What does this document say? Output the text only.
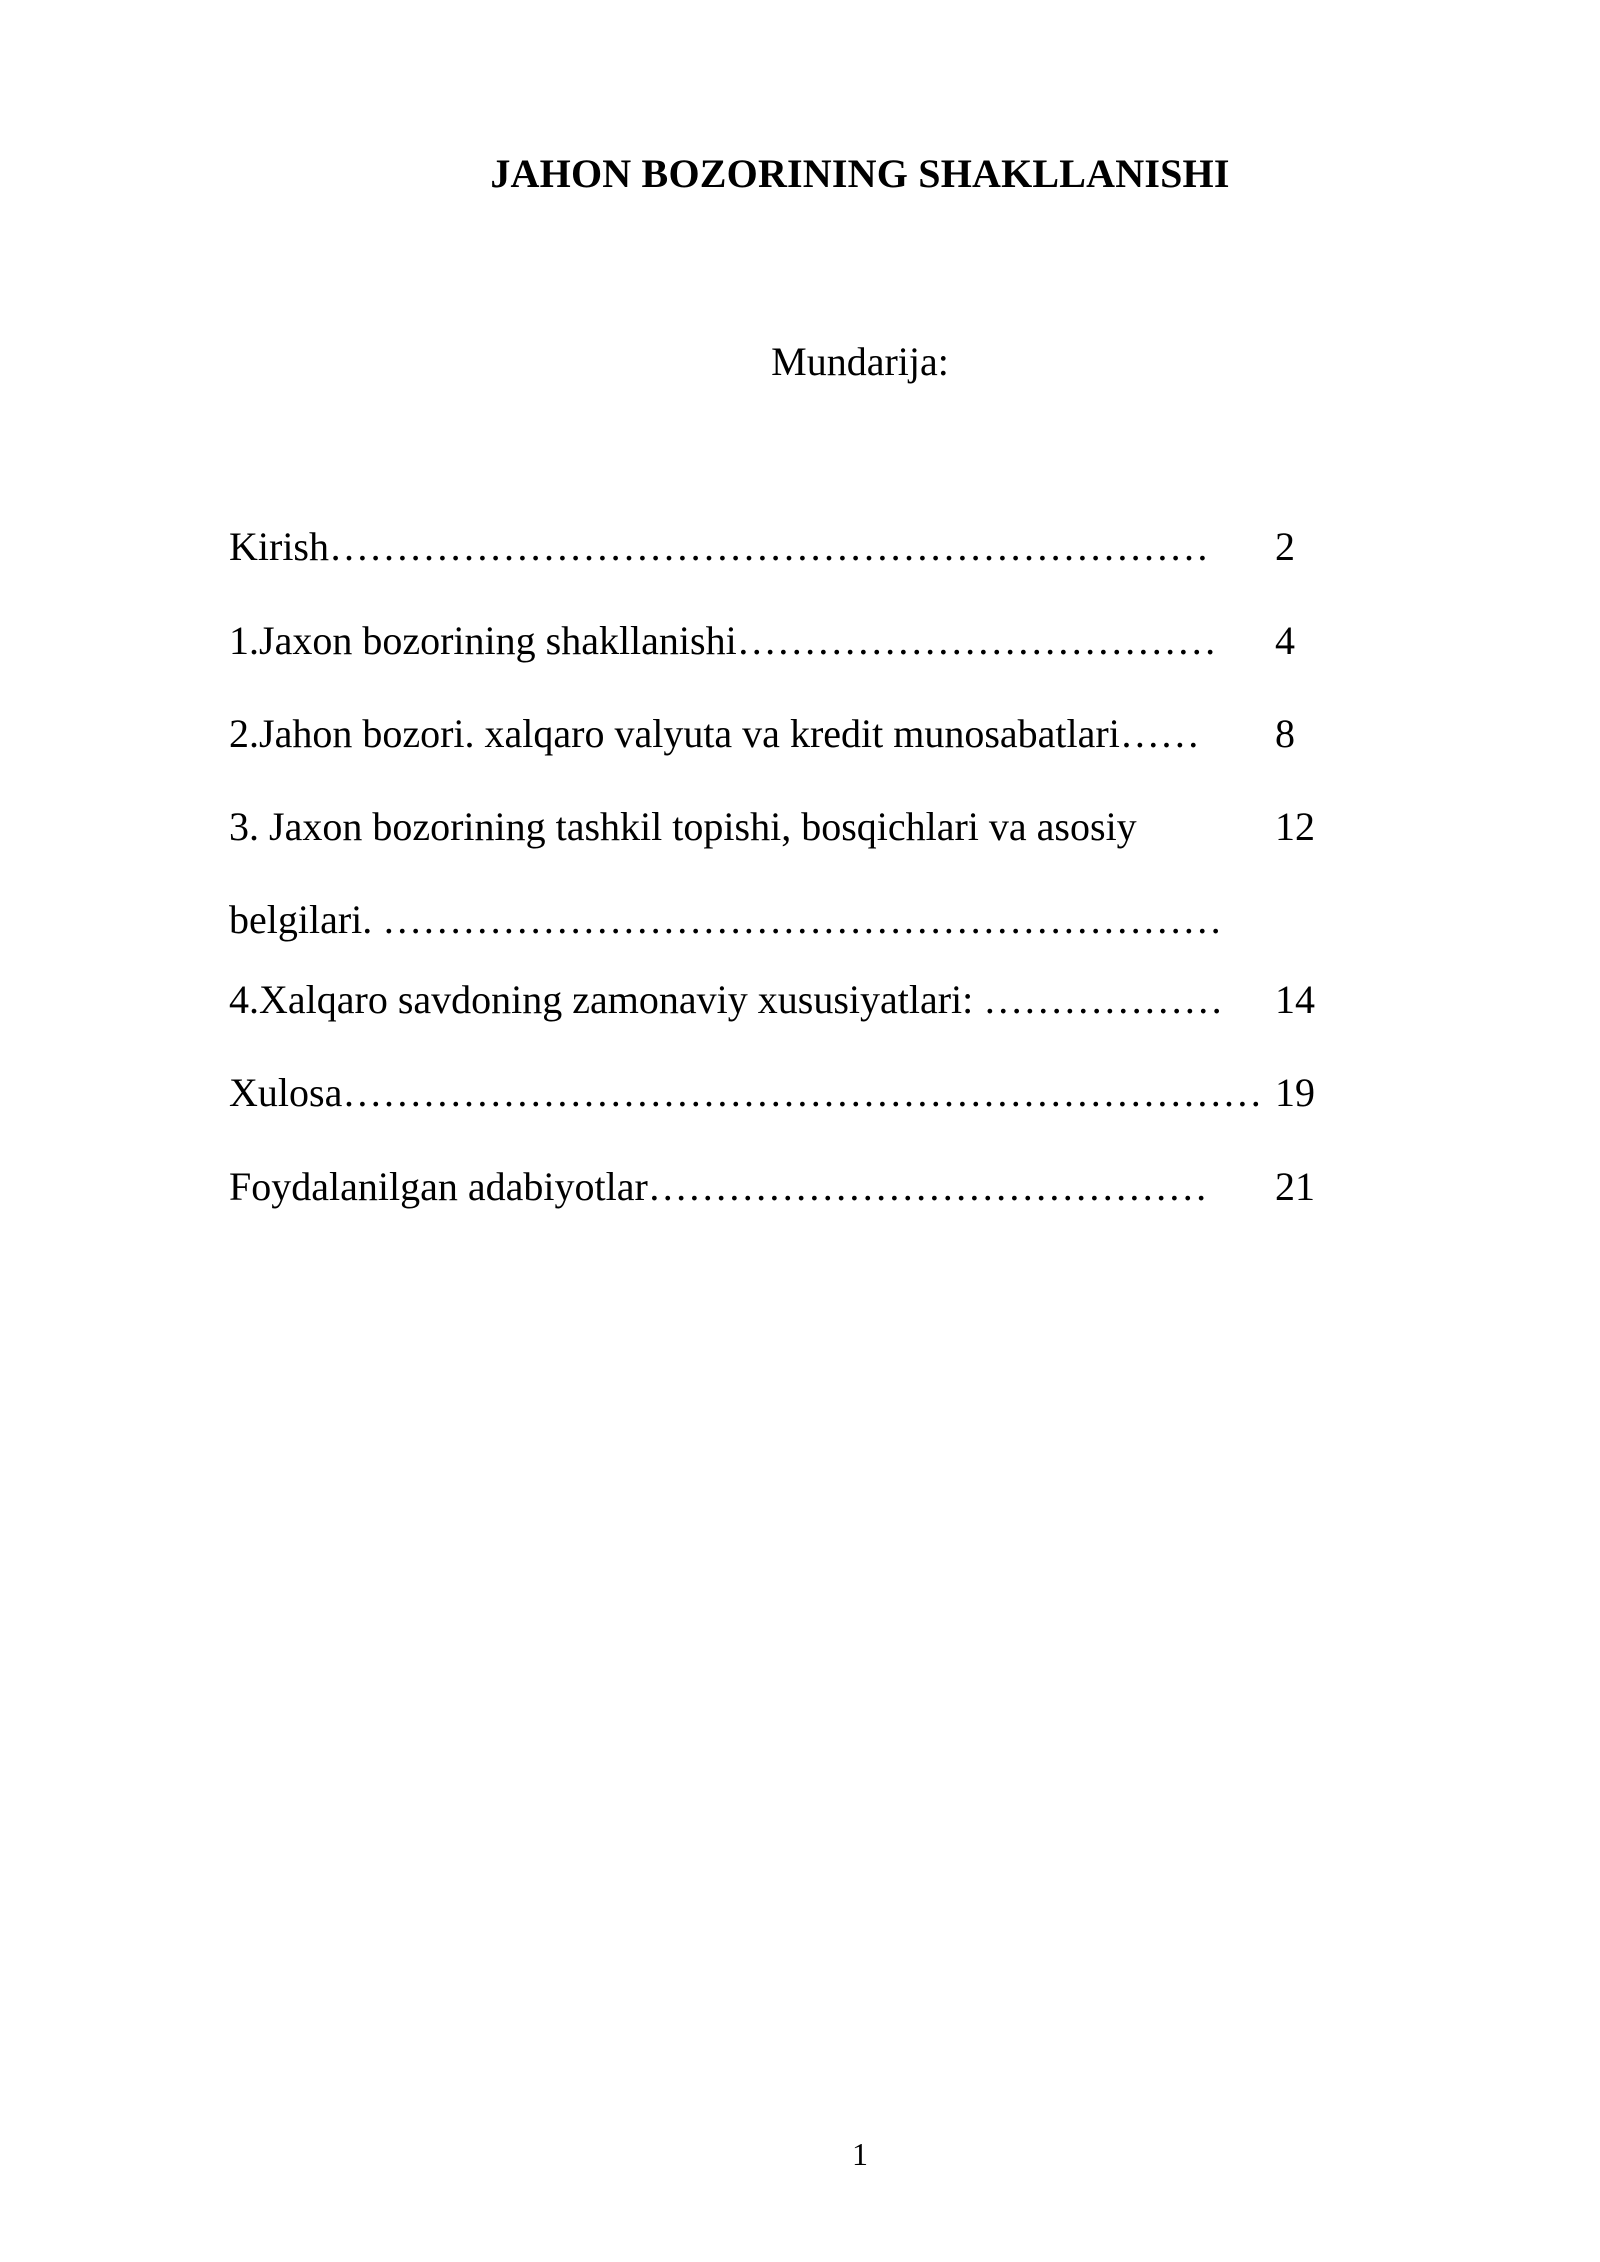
JAHON BOZORINING SHAKLLANISHI
Mundarija:
Kirish………………………………………………………… 2
1.Jaxon bozorining shakllanishi……………………………… 4
2.Jahon bozori. xalqaro valyuta va kredit munosabatlari…… 8
3. Jaxon bozorining tashkil topishi, bosqichlari va asosiy	12
belgilari. ………………………………………………………
4.Xalqaro savdoning zamonaviy xususiyatlari: ……………… 14
Xulosa…………………………………………………………… 19
Foydalanilgan adabiyotlar…………………………………… 21
1
